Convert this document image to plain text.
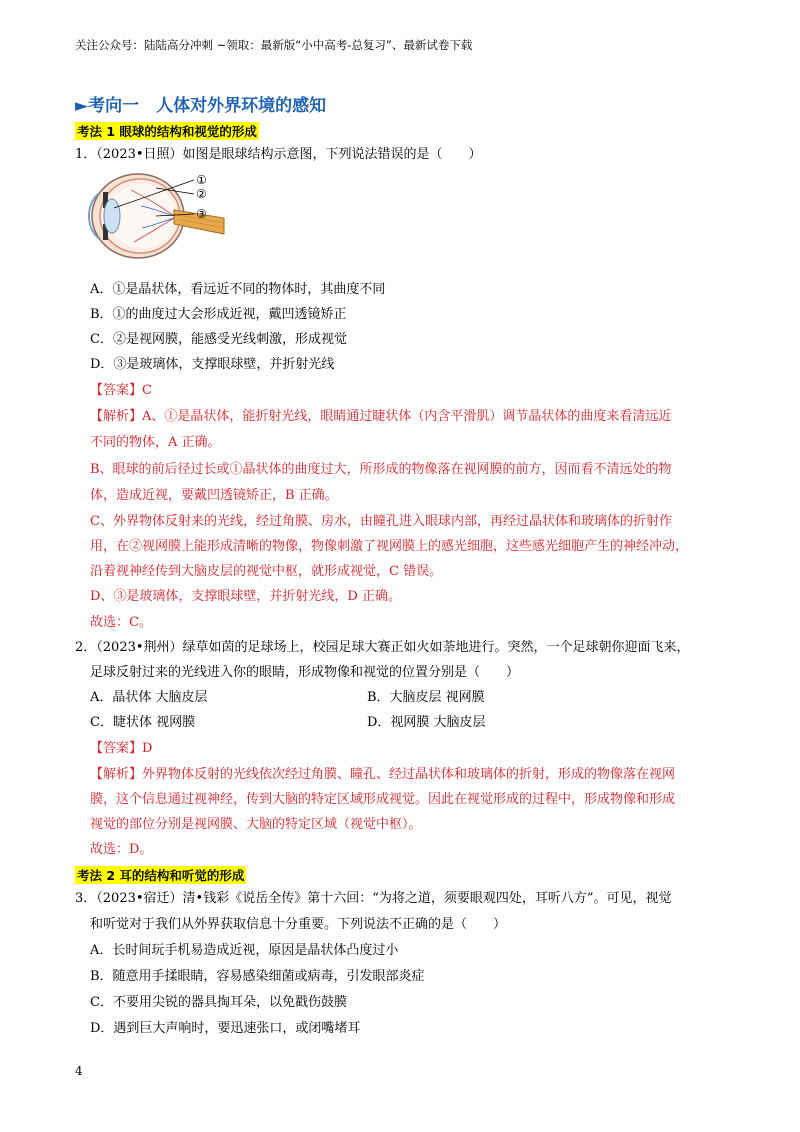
关注公众号：陆陆高分冲刺 ~领取：最新版“小中高考-总复习”、最新试卷下载
►考向一　人体对外界环境的感知
考法 1 眼球的结构和视觉的形成
1．（2023•日照）如图是眼球结构示意图，下列说法错误的是（　　）
①
②
③
A．①是晶状体，看远近不同的物体时，其曲度不同
B．①的曲度过大会形成近视，戴凹透镜矫正
C．②是视网膜，能感受光线刺激，形成视觉
D．③是玻璃体，支撑眼球壁，并折射光线
【答案】C
【解析】A、①是晶状体，能折射光线，眼睛通过睫状体（内含平滑肌）调节晶状体的曲度来看清远近
不同的物体，A 正确。
B、眼球的前后径过长或①晶状体的曲度过大，所形成的物像落在视网膜的前方，因而看不清远处的物
体，造成近视，要戴凹透镜矫正，B 正确。
C、外界物体反射来的光线，经过角膜、房水，由瞳孔进入眼球内部，再经过晶状体和玻璃体的折射作
用，在②视网膜上能形成清晰的物像，物像刺激了视网膜上的感光细胞，这些感光细胞产生的神经冲动，
沿着视神经传到大脑皮层的视觉中枢，就形成视觉，C 错误。
D、③是玻璃体，支撑眼球壁，并折射光线，D 正确。
故选：C。
2．（2023•荆州）绿草如茵的足球场上，校园足球大赛正如火如荼地进行。突然，一个足球朝你迎面飞来，
足球反射过来的光线进入你的眼睛，形成物像和视觉的位置分别是（　　）
A．晶状体 大脑皮层	B．大脑皮层 视网膜
C．睫状体 视网膜	D．视网膜 大脑皮层
【答案】D
【解析】外界物体反射的光线依次经过角膜、瞳孔、经过晶状体和玻璃体的折射，形成的物像落在视网
膜，这个信息通过视神经，传到大脑的特定区域形成视觉。因此在视觉形成的过程中，形成物像和形成
视觉的部位分别是视网膜、大脑的特定区域（视觉中枢）。
故选：D。
考法 2 耳的结构和听觉的形成
3．（2023•宿迁）清•钱彩《说岳全传》第十六回：“为将之道，须要眼观四处，耳听八方”。可见，视觉
和听觉对于我们从外界获取信息十分重要。下列说法不正确的是（　　）
A．长时间玩手机易造成近视，原因是晶状体凸度过小
B．随意用手揉眼睛，容易感染细菌或病毒，引发眼部炎症
C．不要用尖锐的器具掏耳朵，以免戳伤鼓膜
D．遇到巨大声响时，要迅速张口，或闭嘴堵耳
4
